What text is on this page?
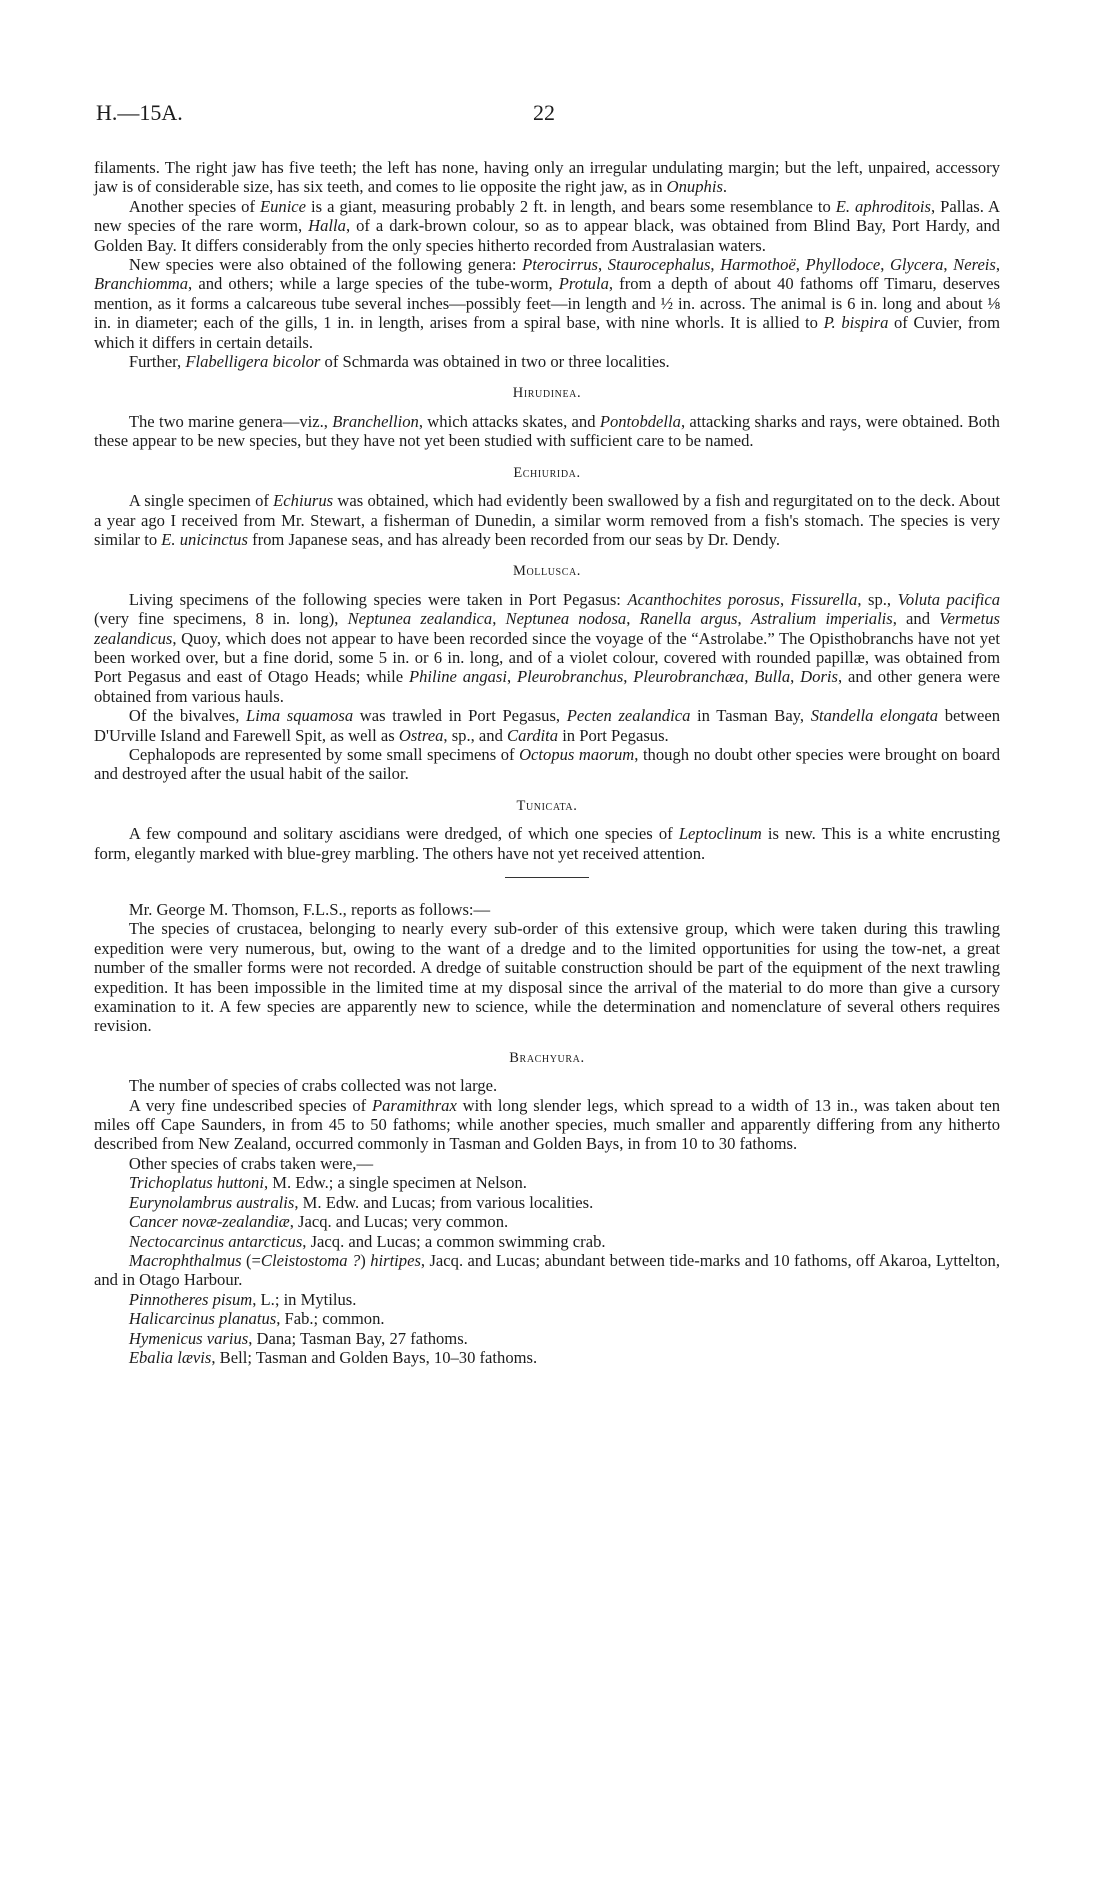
H.—15A.	22

filaments. The right jaw has five teeth; the left has none, having only an irregular undulating margin; but the left, unpaired, accessory jaw is of considerable size, has six teeth, and comes to lie opposite the right jaw, as in Onuphis.

Another species of Eunice is a giant, measuring probably 2 ft. in length, and bears some resemblance to E. aphroditois, Pallas. A new species of the rare worm, Halla, of a dark-brown colour, so as to appear black, was obtained from Blind Bay, Port Hardy, and Golden Bay. It differs considerably from the only species hitherto recorded from Australasian waters.

New species were also obtained of the following genera: Pterocirrus, Staurocephalus, Harmothoë, Phyllodoce, Glycera, Nereis, Branchiomma, and others; while a large species of the tube-worm, Protula, from a depth of about 40 fathoms off Timaru, deserves mention, as it forms a calcareous tube several inches—possibly feet—in length and ½ in. across. The animal is 6 in. long and about ⅛ in. in diameter; each of the gills, 1 in. in length, arises from a spiral base, with nine whorls. It is allied to P. bispira of Cuvier, from which it differs in certain details.

Further, Flabelligera bicolor of Schmarda was obtained in two or three localities.

Hirudinea.

The two marine genera—viz., Branchellion, which attacks skates, and Pontobdella, attacking sharks and rays, were obtained. Both these appear to be new species, but they have not yet been studied with sufficient care to be named.

Echiurida.

A single specimen of Echiurus was obtained, which had evidently been swallowed by a fish and regurgitated on to the deck. About a year ago I received from Mr. Stewart, a fisherman of Dunedin, a similar worm removed from a fish's stomach. The species is very similar to E. unicinctus from Japanese seas, and has already been recorded from our seas by Dr. Dendy.

Mollusca.

Living specimens of the following species were taken in Port Pegasus: Acanthochites porosus, Fissurella, sp., Voluta pacifica (very fine specimens, 8 in. long), Neptunea zealandica, Neptunea nodosa, Ranella argus, Astralium imperialis, and Vermetus zealandicus, Quoy, which does not appear to have been recorded since the voyage of the “Astrolabe.” The Opisthobranchs have not yet been worked over, but a fine dorid, some 5 in. or 6 in. long, and of a violet colour, covered with rounded papillæ, was obtained from Port Pegasus and east of Otago Heads; while Philine angasi, Pleurobranchus, Pleurobranchæa, Bulla, Doris, and other genera were obtained from various hauls.

Of the bivalves, Lima squamosa was trawled in Port Pegasus, Pecten zealandica in Tasman Bay, Standella elongata between D'Urville Island and Farewell Spit, as well as Ostrea, sp., and Cardita in Port Pegasus.

Cephalopods are represented by some small specimens of Octopus maorum, though no doubt other species were brought on board and destroyed after the usual habit of the sailor.

Tunicata.

A few compound and solitary ascidians were dredged, of which one species of Leptoclinum is new. This is a white encrusting form, elegantly marked with blue-grey marbling. The others have not yet received attention.

Mr. George M. Thomson, F.L.S., reports as follows:—

The species of crustacea, belonging to nearly every sub-order of this extensive group, which were taken during this trawling expedition were very numerous, but, owing to the want of a dredge and to the limited opportunities for using the tow-net, a great number of the smaller forms were not recorded. A dredge of suitable construction should be part of the equipment of the next trawling expedition. It has been impossible in the limited time at my disposal since the arrival of the material to do more than give a cursory examination to it. A few species are apparently new to science, while the determination and nomenclature of several others requires revision.

Brachyura.

The number of species of crabs collected was not large.

A very fine undescribed species of Paramithrax with long slender legs, which spread to a width of 13 in., was taken about ten miles off Cape Saunders, in from 45 to 50 fathoms; while another species, much smaller and apparently differing from any hitherto described from New Zealand, occurred commonly in Tasman and Golden Bays, in from 10 to 30 fathoms.

Other species of crabs taken were,—

Trichoplatus huttoni, M. Edw.; a single specimen at Nelson.

Eurynolambrus australis, M. Edw. and Lucas; from various localities.

Cancer novæ-zealandiæ, Jacq. and Lucas; very common.

Nectocarcinus antarcticus, Jacq. and Lucas; a common swimming crab.

Macrophthalmus (=Cleistostoma ?) hirtipes, Jacq. and Lucas; abundant between tide-marks and 10 fathoms, off Akaroa, Lyttelton, and in Otago Harbour.

Pinnotheres pisum, L.; in Mytilus.

Halicarcinus planatus, Fab.; common.

Hymenicus varius, Dana; Tasman Bay, 27 fathoms.

Ebalia lævis, Bell; Tasman and Golden Bays, 10–30 fathoms.
